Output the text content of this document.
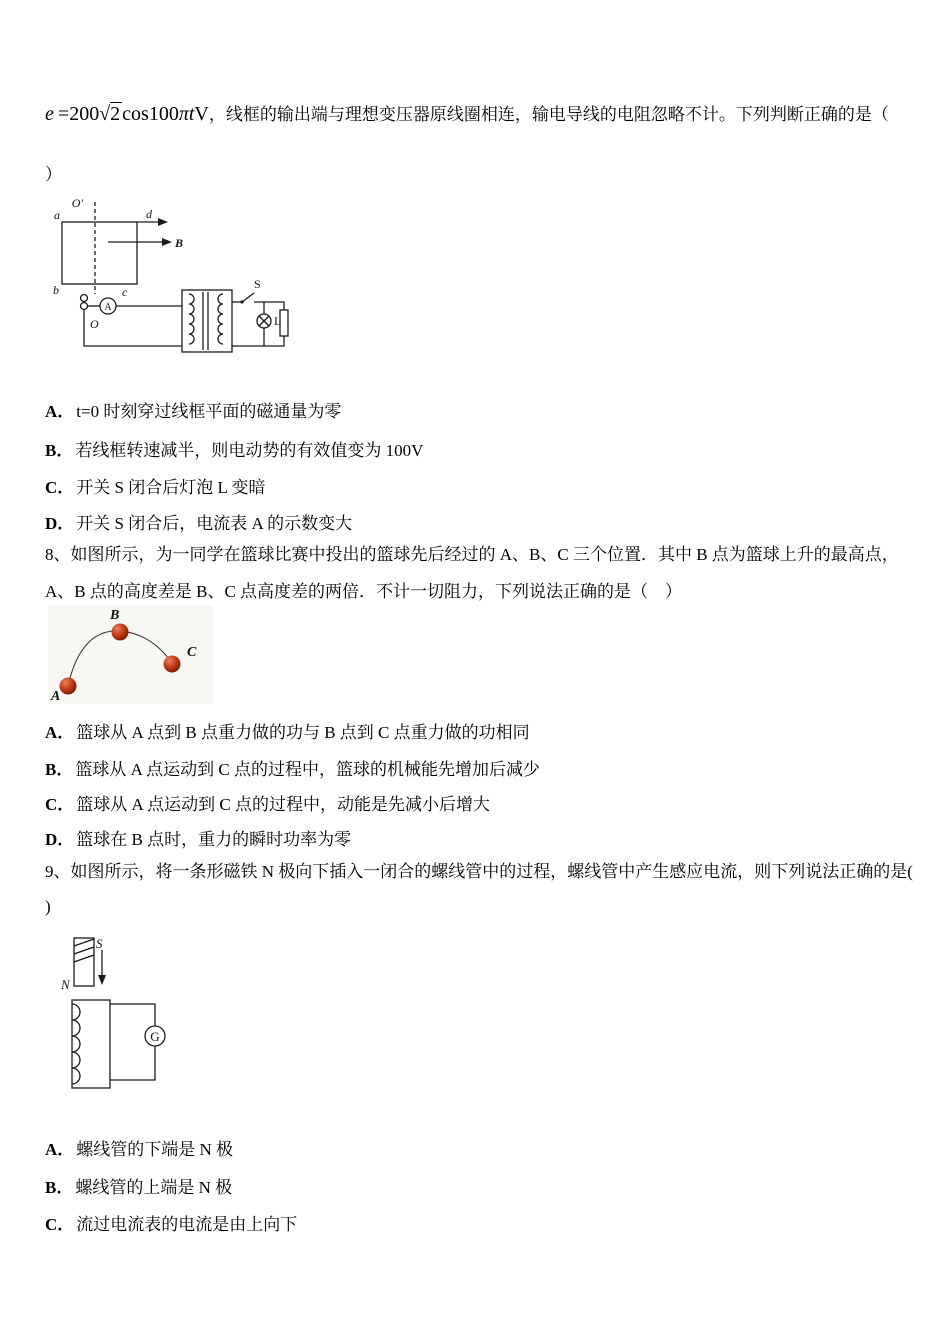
e  =200√2 cos100πtV，线框的输出端与理想变压器原线圈相连，输电导线的电阻忽略不计。下列判断正确的是（
）
O′
a	d
B
b	c
A
O
S
L
A． t=0 时刻穿过线框平面的磁通量为零
B． 若线框转速减半，则电动势的有效值变为 100V
C． 开关 S 闭合后灯泡 L 变暗
D． 开关 S 闭合后，电流表 A 的示数变大
8、如图所示，为一同学在篮球比赛中投出的篮球先后经过的 A、B、C 三个位置．其中 B 点为篮球上升的最高点，A、B 点的高度差是 B、C 点高度差的两倍．不计一切阻力，下列说法正确的是（　）
A
B
C
A． 篮球从 A 点到 B 点重力做的功与 B 点到 C 点重力做的功相同
B． 篮球从 A 点运动到 C 点的过程中，篮球的机械能先增加后减少
C． 篮球从 A 点运动到 C 点的过程中，动能是先减小后增大
D． 篮球在 B 点时，重力的瞬时功率为零
9、如图所示，将一条形磁铁 N 极向下插入一闭合的螺线管中的过程，螺线管中产生感应电流，则下列说法正确的是(
)
S
N
G
A． 螺线管的下端是 N 极
B． 螺线管的上端是 N 极
C． 流过电流表的电流是由上向下
